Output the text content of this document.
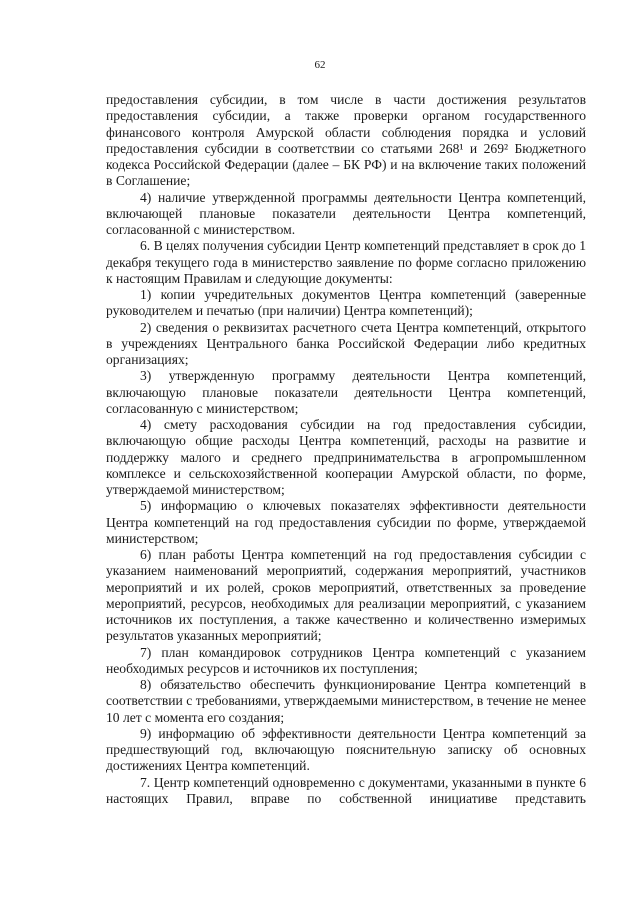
62

предоставления субсидии, в том числе в части достижения результатов предоставления субсидии, а также проверки органом государственного финансового контроля Амурской области соблюдения порядка и условий предоставления субсидии в соответствии со статьями 268¹ и 269² Бюджетного кодекса Российской Федерации (далее – БК РФ) и на включение таких положений в Соглашение;

4) наличие утвержденной программы деятельности Центра компетенций, включающей плановые показатели деятельности Центра компетенций, согласованной с министерством.

6. В целях получения субсидии Центр компетенций представляет в срок до 1 декабря текущего года в министерство заявление по форме согласно приложению к настоящим Правилам и следующие документы:

1) копии учредительных документов Центра компетенций (заверенные руководителем и печатью (при наличии) Центра компетенций);

2) сведения о реквизитах расчетного счета Центра компетенций, открытого в учреждениях Центрального банка Российской Федерации либо кредитных организациях;

3) утвержденную программу деятельности Центра компетенций, включающую плановые показатели деятельности Центра компетенций, согласованную с министерством;

4) смету расходования субсидии на год предоставления субсидии, включающую общие расходы Центра компетенций, расходы на развитие и поддержку малого и среднего предпринимательства в агропромышленном комплексе и сельскохозяйственной кооперации Амурской области, по форме, утверждаемой министерством;

5) информацию о ключевых показателях эффективности деятельности Центра компетенций на год предоставления субсидии по форме, утверждаемой министерством;

6) план работы Центра компетенций на год предоставления субсидии с указанием наименований мероприятий, содержания мероприятий, участников мероприятий и их ролей, сроков мероприятий, ответственных за проведение мероприятий, ресурсов, необходимых для реализации мероприятий, с указанием источников их поступления, а также качественно и количественно измеримых результатов указанных мероприятий;

7) план командировок сотрудников Центра компетенций с указанием необходимых ресурсов и источников их поступления;

8) обязательство обеспечить функционирование Центра компетенций в соответствии с требованиями, утверждаемыми министерством, в течение не менее 10 лет с момента его создания;

9) информацию об эффективности деятельности Центра компетенций за предшествующий год, включающую пояснительную записку об основных достижениях Центра компетенций.

7. Центр компетенций одновременно с документами, указанными в пункте 6 настоящих Правил, вправе по собственной инициативе представить
